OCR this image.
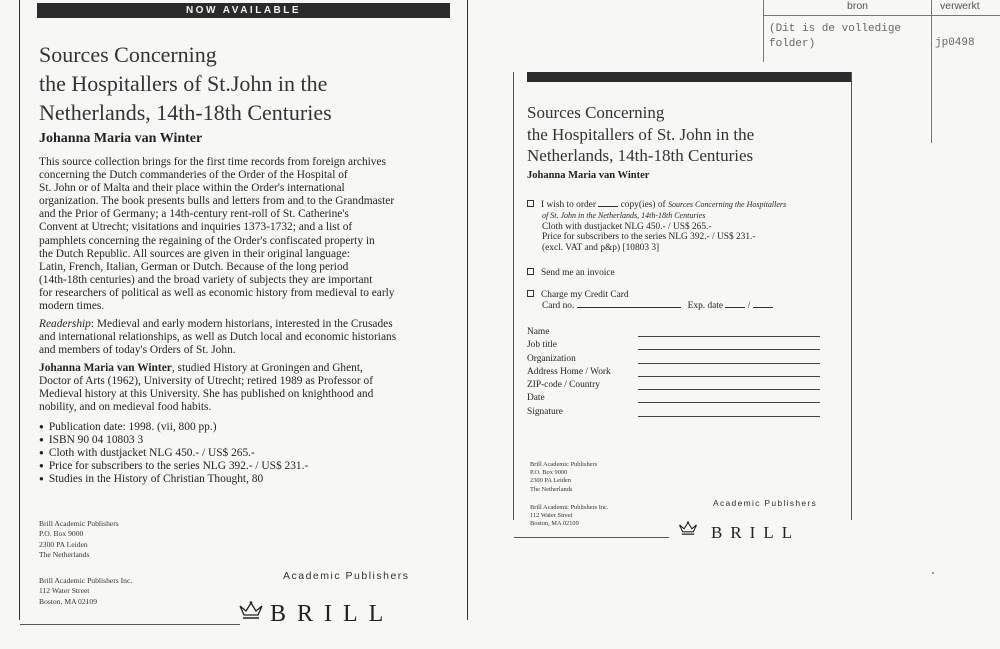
NOW AVAILABLE
Sources Concerning
the Hospitallers of St.John in the
Netherlands, 14th-18th Centuries
Johanna Maria van Winter
This source collection brings for the first time records from foreign archives
concerning the Dutch commanderies of the Order of the Hospital of
St. John or of Malta and their place within the Order's international
organization. The book presents bulls and letters from and to the Grandmaster
and the Prior of Germany; a 14th-century rent-roll of St. Catherine's
Convent at Utrecht; visitations and inquiries 1373-1732; and a list of
pamphlets concerning the regaining of the Order's confiscated property in
the Dutch Republic. All sources are given in their original language:
Latin, French, Italian, German or Dutch. Because of the long period
(14th-18th centuries) and the broad variety of subjects they are important
for researchers of political as well as economic history from medieval to early
modern times.
Readership: Medieval and early modern historians, interested in the Crusades
and international relationships, as well as Dutch local and economic historians
and members of today's Orders of St. John.
Johanna Maria van Winter, studied History at Groningen and Ghent,
Doctor of Arts (1962), University of Utrecht; retired 1989 as Professor of
Medieval history at this University. She has published on knighthood and
nobility, and on medieval food habits.
● Publication date: 1998. (vii, 800 pp.)
● ISBN 90 04 10803 3
● Cloth with dustjacket NLG 450.- / US$ 265.-
● Price for subscribers to the series NLG 392.- / US$ 231.-
● Studies in the History of Christian Thought, 80
Brill Academic Publishers
P.O. Box 9000
2300 PA Leiden
The Netherlands
Brill Academic Publishers Inc.
112 Water Street
Boston, MA 02109
Academic Publishers
BRILL
Sources Concerning
the Hospitallers of St. John in the
Netherlands, 14th-18th Centuries
Johanna Maria van Winter
I wish to order	copy(ies) of Sources Concerning the Hospitallers
of St. John in the Netherlands, 14th-18th Centuries
Cloth with dustjacket NLG 450.- / US$ 265.-
Price for subscribers to the series NLG 392.- / US$ 231.-
(excl. VAT and p&p) [10803 3]
Send me an invoice
Charge my Credit Card
Card no.	Exp. date	/
Name
Job title
Organization
Address Home / Work
ZIP-code / Country
Date
Signature
Brill Academic Publishers
P.O. Box 9000
2300 PA Leiden
The Netherlands
Brill Academic Publishers Inc.
112 Water Street
Boston, MA 02109
Academic Publishers
BRILL
bron	verwerkt
(Dit is de volledige
folder)	jp0498
